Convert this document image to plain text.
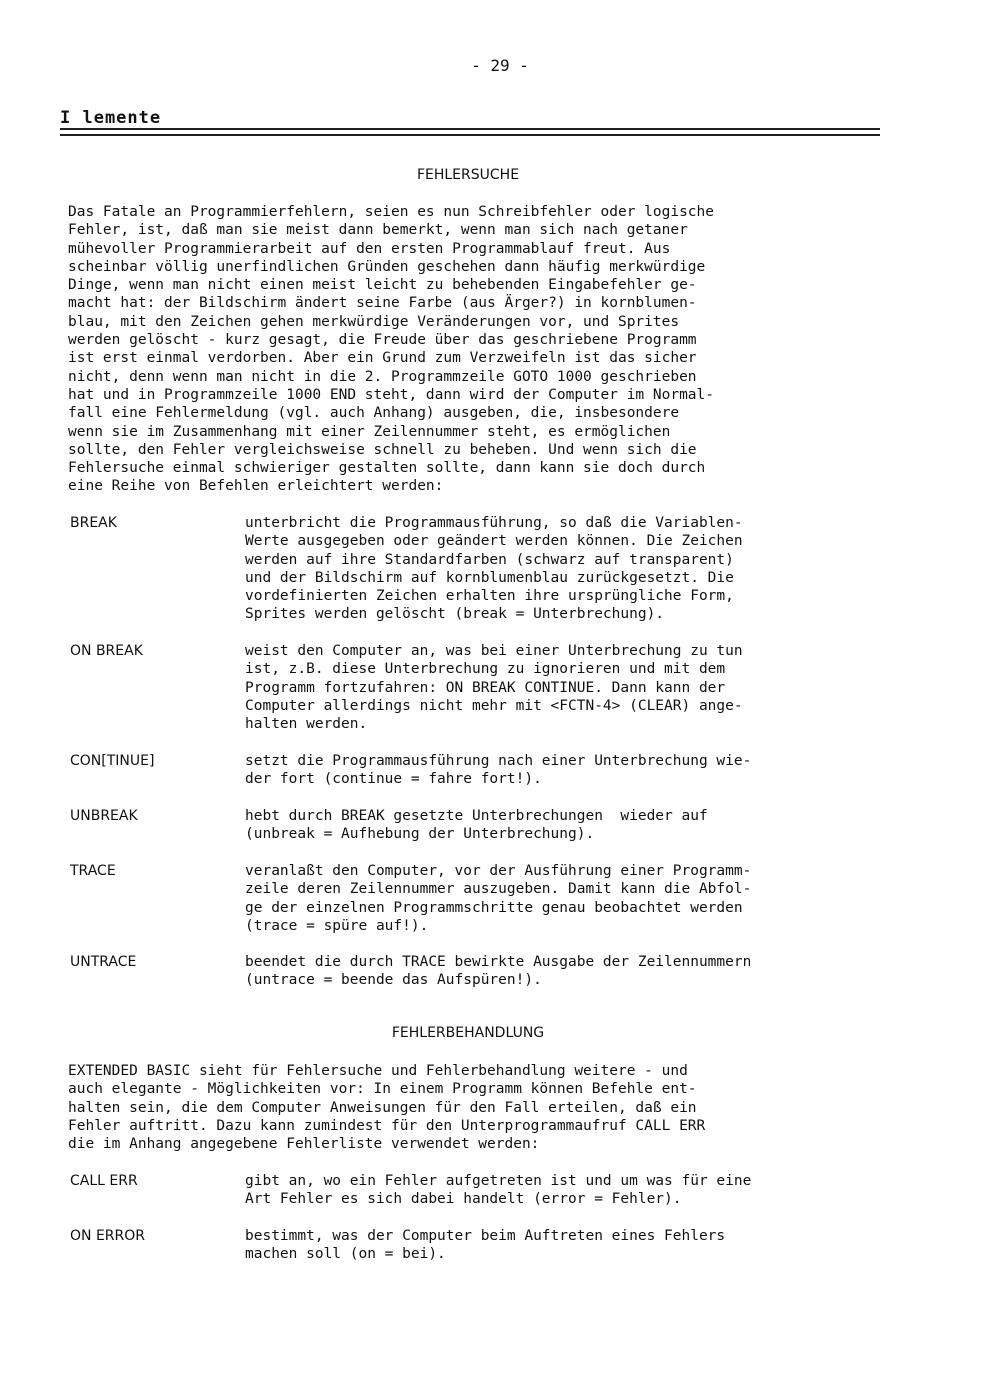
- 29 -
I lemente
FEHLERSUCHE
Das Fatale an Programmierfehlern, seien es nun Schreibfehler oder logische
Fehler, ist, daß man sie meist dann bemerkt, wenn man sich nach getaner
mühevoller Programmierarbeit auf den ersten Programmablauf freut. Aus
scheinbar völlig unerfindlichen Gründen geschehen dann häufig merkwürdige
Dinge, wenn man nicht einen meist leicht zu behebenden Eingabefehler ge-
macht hat: der Bildschirm ändert seine Farbe (aus Ärger?) in kornblumen-
blau, mit den Zeichen gehen merkwürdige Veränderungen vor, und Sprites
werden gelöscht - kurz gesagt, die Freude über das geschriebene Programm
ist erst einmal verdorben. Aber ein Grund zum Verzweifeln ist das sicher
nicht, denn wenn man nicht in die 2. Programmzeile GOTO 1000 geschrieben
hat und in Programmzeile 1000 END steht, dann wird der Computer im Normal-
fall eine Fehlermeldung (vgl. auch Anhang) ausgeben, die, insbesondere
wenn sie im Zusammenhang mit einer Zeilennummer steht, es ermöglichen
sollte, den Fehler vergleichsweise schnell zu beheben. Und wenn sich die
Fehlersuche einmal schwieriger gestalten sollte, dann kann sie doch durch
eine Reihe von Befehlen erleichtert werden:
BREAK	unterbricht die Programmausführung, so daß die Variablen-
Werte ausgegeben oder geändert werden können. Die Zeichen
werden auf ihre Standardfarben (schwarz auf transparent)
und der Bildschirm auf kornblumenblau zurückgesetzt. Die
vordefinierten Zeichen erhalten ihre ursprüngliche Form,
Sprites werden gelöscht (break = Unterbrechung).
ON BREAK	weist den Computer an, was bei einer Unterbrechung zu tun
ist, z.B. diese Unterbrechung zu ignorieren und mit dem
Programm fortzufahren: ON BREAK CONTINUE. Dann kann der
Computer allerdings nicht mehr mit <FCTN-4> (CLEAR) ange-
halten werden.
CON[TINUE]	setzt die Programmausführung nach einer Unterbrechung wie-
der fort (continue = fahre fort!).
UNBREAK	hebt durch BREAK gesetzte Unterbrechungen  wieder auf
(unbreak = Aufhebung der Unterbrechung).
TRACE	veranlaßt den Computer, vor der Ausführung einer Programm-
zeile deren Zeilennummer auszugeben. Damit kann die Abfol-
ge der einzelnen Programmschritte genau beobachtet werden
(trace = spüre auf!).
UNTRACE	beendet die durch TRACE bewirkte Ausgabe der Zeilennummern
(untrace = beende das Aufspüren!).
FEHLERBEHANDLUNG
EXTENDED BASIC sieht für Fehlersuche und Fehlerbehandlung weitere - und
auch elegante - Möglichkeiten vor: In einem Programm können Befehle ent-
halten sein, die dem Computer Anweisungen für den Fall erteilen, daß ein
Fehler auftritt. Dazu kann zumindest für den Unterprogrammaufruf CALL ERR
die im Anhang angegebene Fehlerliste verwendet werden:
CALL ERR	gibt an, wo ein Fehler aufgetreten ist und um was für eine
Art Fehler es sich dabei handelt (error = Fehler).
ON ERROR	bestimmt, was der Computer beim Auftreten eines Fehlers
machen soll (on = bei).
